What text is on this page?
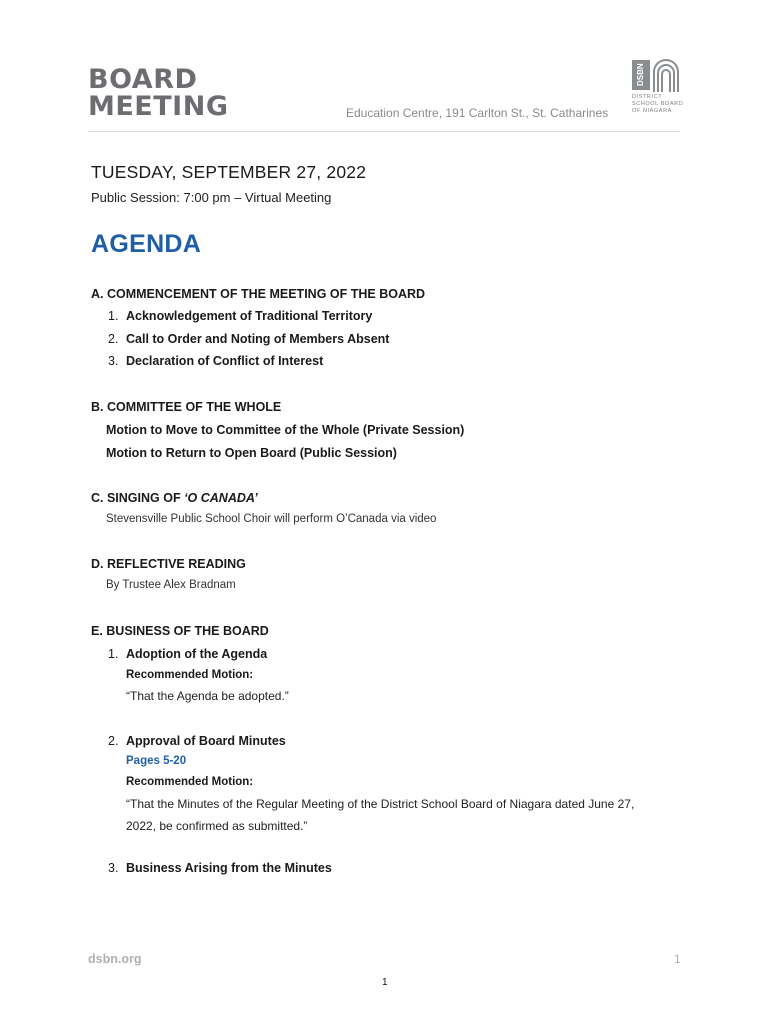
BOARD
MEETING	Education Centre, 191 Carlton St., St. Catharines
DSBN
DISTRICT
SCHOOL BOARD
OF NIAGARA
TUESDAY, SEPTEMBER 27, 2022
Public Session: 7:00 pm – Virtual Meeting
AGENDA
A. COMMENCEMENT OF THE MEETING OF THE BOARD
1. Acknowledgement of Traditional Territory
2. Call to Order and Noting of Members Absent
3. Declaration of Conflict of Interest
B. COMMITTEE OF THE WHOLE
Motion to Move to Committee of the Whole (Private Session)
Motion to Return to Open Board (Public Session)
C. SINGING OF ‘O CANADA’
Stevensville Public School Choir will perform O’Canada via video
D. REFLECTIVE READING
By Trustee Alex Bradnam
E. BUSINESS OF THE BOARD
1. Adoption of the Agenda
Recommended Motion:
“That the Agenda be adopted.”
2. Approval of Board Minutes
Pages 5-20
Recommended Motion:
“That the Minutes of the Regular Meeting of the District School Board of Niagara dated June 27,
2022, be confirmed as submitted.”
3. Business Arising from the Minutes
dsbn.org	1
1
